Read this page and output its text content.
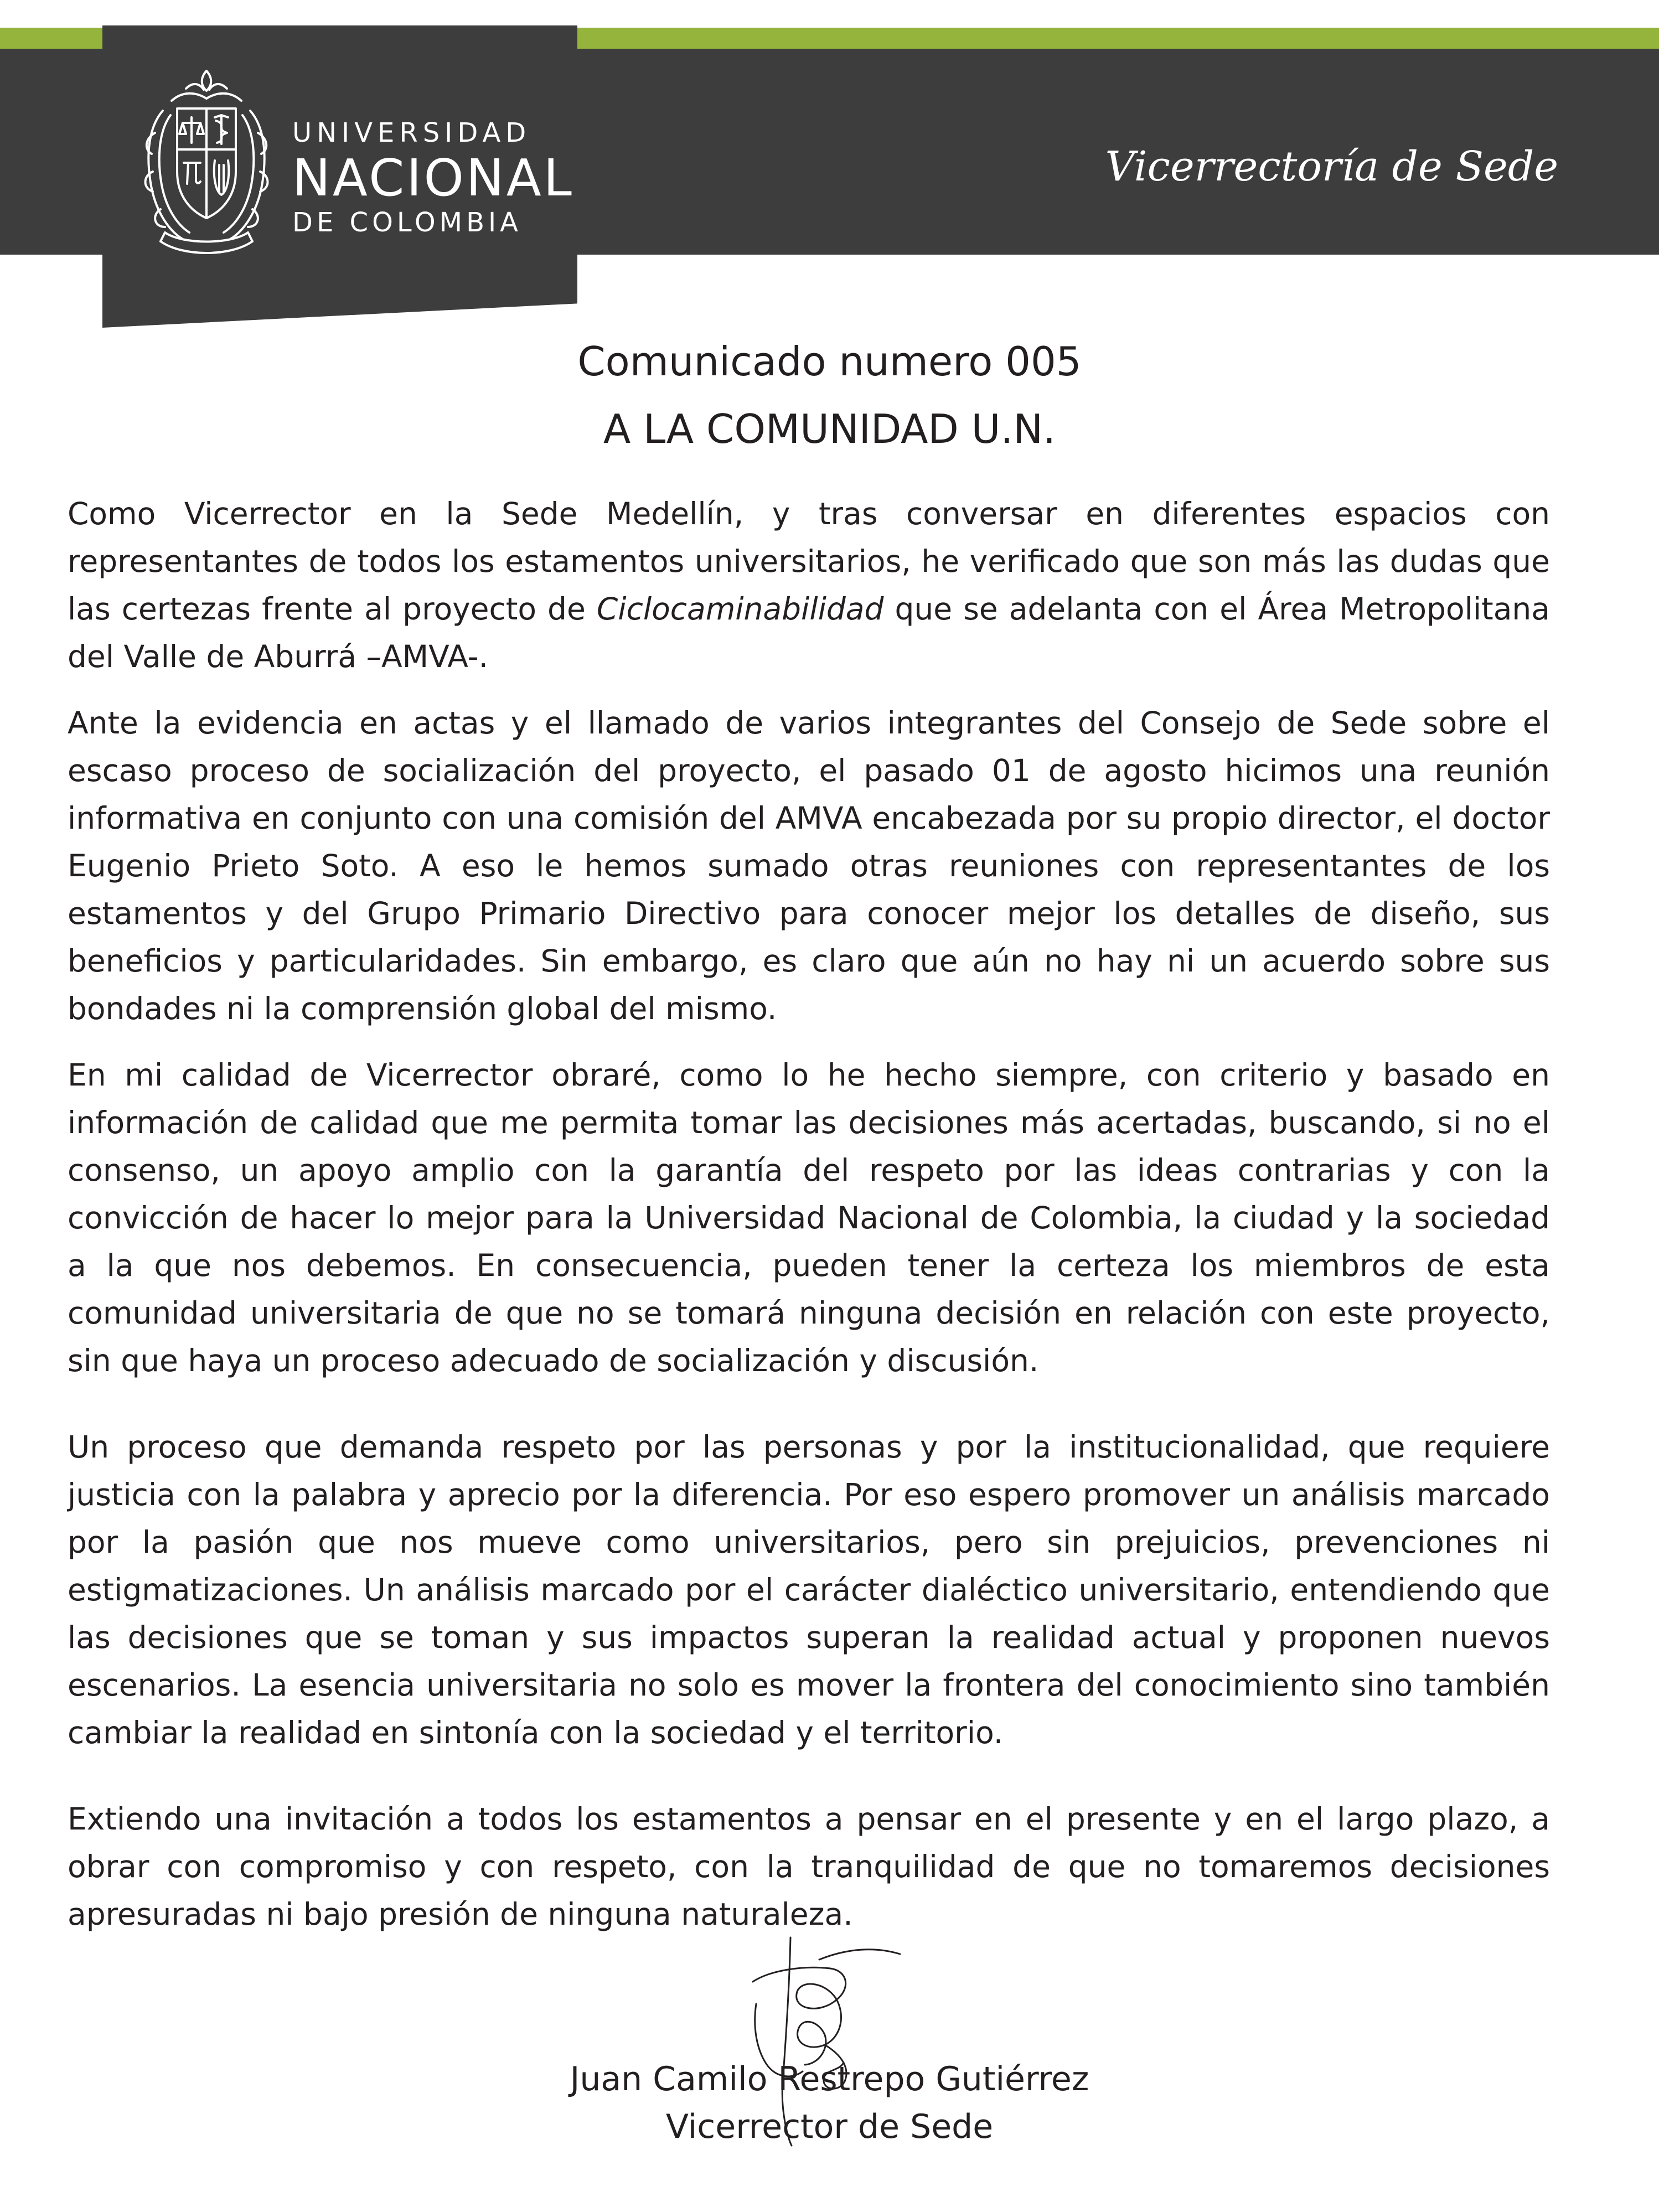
UNIVERSIDAD
NACIONAL
DE COLOMBIA
Vicerrectoría de Sede
Comunicado numero 005
A LA COMUNIDAD U.N.

Como Vicerrector en la Sede Medellín, y tras conversar en diferentes espacios con representantes de todos los estamentos universitarios, he verificado que son más las dudas que las certezas frente al proyecto de Ciclocaminabilidad que se adelanta con el Área Metropolitana del Valle de Aburrá –AMVA-.

Ante la evidencia en actas y el llamado de varios integrantes del Consejo de Sede sobre el escaso proceso de socialización del proyecto, el pasado 01 de agosto hicimos una reunión informativa en conjunto con una comisión del AMVA encabezada por su propio director, el doctor Eugenio Prieto Soto. A eso le hemos sumado otras reuniones con representantes de los estamentos y del Grupo Primario Directivo para conocer mejor los detalles de diseño, sus beneficios y particularidades. Sin embargo, es claro que aún no hay ni un acuerdo sobre sus bondades ni la comprensión global del mismo.

En mi calidad de Vicerrector obraré, como lo he hecho siempre, con criterio y basado en información de calidad que me permita tomar las decisiones más acertadas, buscando, si no el consenso, un apoyo amplio con la garantía del respeto por las ideas contrarias y con la convicción de hacer lo mejor para la Universidad Nacional de Colombia, la ciudad y la sociedad a la que nos debemos. En consecuencia, pueden tener la certeza los miembros de esta comunidad universitaria de que no se tomará ninguna decisión en relación con este proyecto, sin que haya un proceso adecuado de socialización y discusión.

Un proceso que demanda respeto por las personas y por la institucionalidad, que requiere justicia con la palabra y aprecio por la diferencia. Por eso espero promover un análisis marcado por la pasión que nos mueve como universitarios, pero sin prejuicios, prevenciones ni estigmatizaciones. Un análisis marcado por el carácter dialéctico universitario, entendiendo que las decisiones que se toman y sus impactos superan la realidad actual y proponen nuevos escenarios. La esencia universitaria no solo es mover la frontera del conocimiento sino también cambiar la realidad en sintonía con la sociedad y el territorio.

Extiendo una invitación a todos los estamentos a pensar en el presente y en el largo plazo, a obrar con compromiso y con respeto, con la tranquilidad de que no tomaremos decisiones apresuradas ni bajo presión de ninguna naturaleza.

Juan Camilo Restrepo Gutiérrez
Vicerrector de Sede
